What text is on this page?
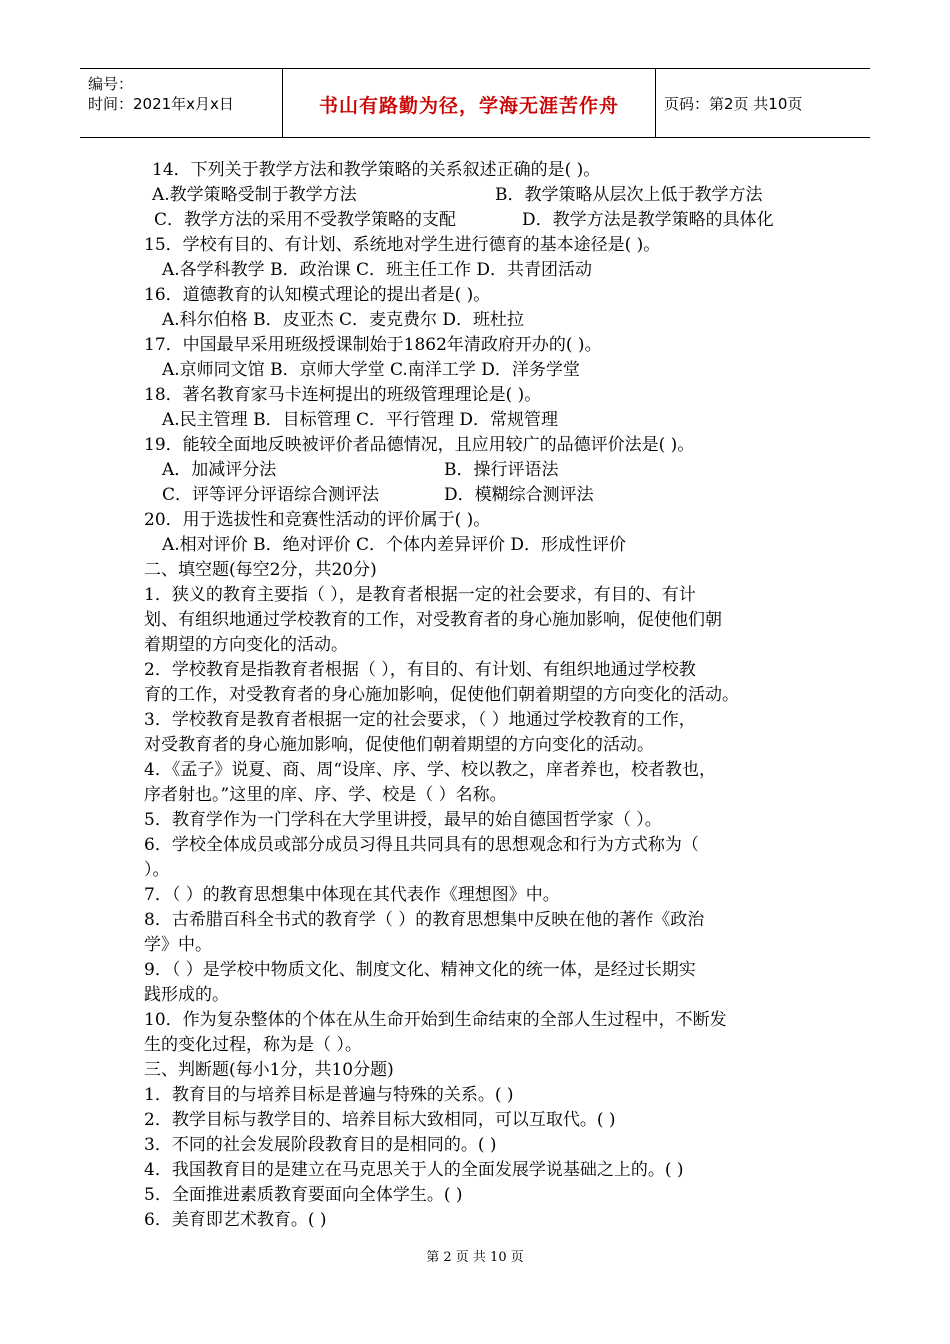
编号：
时间：2021年x月x日	书山有路勤为径，学海无涯苦作舟	页码：第2页 共10页
14．下列关于教学方法和教学策略的关系叙述正确的是( )。
A.教学策略受制于教学方法	B．教学策略从层次上低于教学方法
C．教学方法的采用不受教学策略的支配	D．教学方法是教学策略的具体化
15．学校有目的、有计划、系统地对学生进行德育的基本途径是( )。
A.各学科教学 B．政治课 C．班主任工作 D．共青团活动
16．道德教育的认知模式理论的提出者是( )。
A.科尔伯格 B．皮亚杰 C．麦克费尔 D．班杜拉
17．中国最早采用班级授课制始于1862年清政府开办的( )。
A.京师同文馆 B．京师大学堂 C.南洋工学 D．洋务学堂
18．著名教育家马卡连柯提出的班级管理理论是( )。
A.民主管理 B．目标管理 C．平行管理 D．常规管理
19．能较全面地反映被评价者品德情况，且应用较广的品德评价法是( )。
A．加减评分法	B．操行评语法
C．评等评分评语综合测评法	D．模糊综合测评法
20．用于选拔性和竞赛性活动的评价属于( )。
A.相对评价 B．绝对评价 C．个体内差异评价 D．形成性评价
二、填空题(每空2分，共20分)
1．狭义的教育主要指（ ），是教育者根据一定的社会要求，有目的、有计
划、有组织地通过学校教育的工作，对受教育者的身心施加影响，促使他们朝
着期望的方向变化的活动。
2．学校教育是指教育者根据（ ），有目的、有计划、有组织地通过学校教
育的工作，对受教育者的身心施加影响，促使他们朝着期望的方向变化的活动。
3．学校教育是教育者根据一定的社会要求，（ ）地通过学校教育的工作，
对受教育者的身心施加影响，促使他们朝着期望的方向变化的活动。
4．《孟子》说夏、商、周“设庠、序、学、校以教之，庠者养也，校者教也，
序者射也。”这里的庠、序、学、校是（ ）名称。
5．教育学作为一门学科在大学里讲授，最早的始自德国哲学家（ ）。
6．学校全体成员或部分成员习得且共同具有的思想观念和行为方式称为（
）。
7．（ ）的教育思想集中体现在其代表作《理想图》中。
8．古希腊百科全书式的教育学（ ）的教育思想集中反映在他的著作《政治
学》中。
9．（ ）是学校中物质文化、制度文化、精神文化的统一体，是经过长期实
践形成的。
10．作为复杂整体的个体在从生命开始到生命结束的全部人生过程中，不断发
生的变化过程，称为是（ ）。
三、判断题(每小1分，共10分题)
1．教育目的与培养目标是普遍与特殊的关系。( )
2．教学目标与教学目的、培养目标大致相同，可以互取代。( )
3．不同的社会发展阶段教育目的是相同的。( )
4．我国教育目的是建立在马克思关于人的全面发展学说基础之上的。( )
5．全面推进素质教育要面向全体学生。( )
6．美育即艺术教育。( )
第 2 页 共 10 页
